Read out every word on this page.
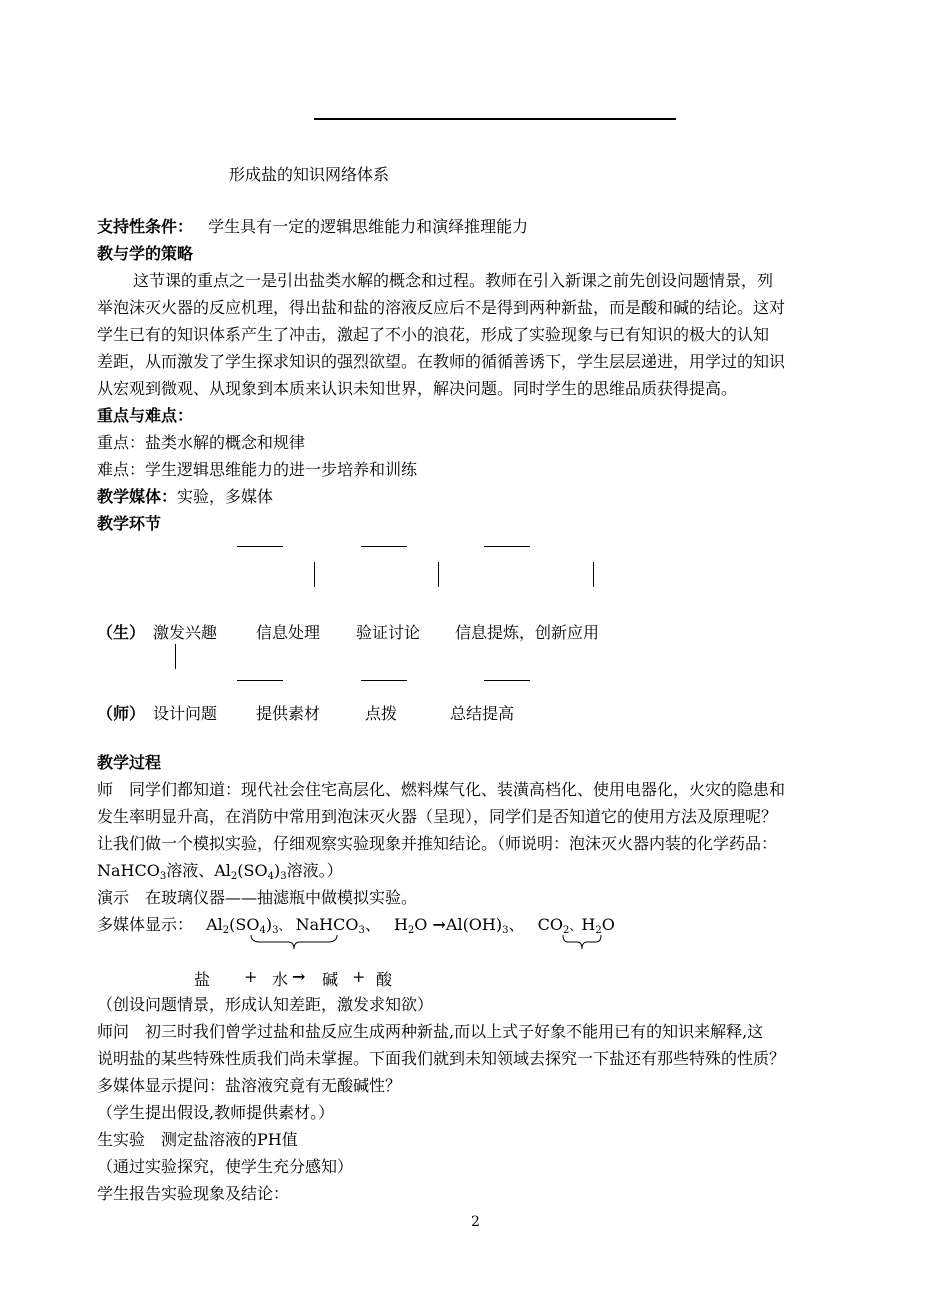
形成盐的知识网络体系
支持性条件： 学生具有一定的逻辑思维能力和演绎推理能力
教与学的策略
这节课的重点之一是引出盐类水解的概念和过程。教师在引入新课之前先创设问题情景，列
举泡沫灭火器的反应机理，得出盐和盐的溶液反应后不是得到两种新盐，而是酸和碱的结论。这对
学生已有的知识体系产生了冲击，激起了不小的浪花，形成了实验现象与已有知识的极大的认知
差距，从而激发了学生探求知识的强烈欲望。在教师的循循善诱下，学生层层递进，用学过的知识
从宏观到微观、从现象到本质来认识未知世界，解决问题。同时学生的思维品质获得提高。
重点与难点：
重点：盐类水解的概念和规律
难点：学生逻辑思维能力的进一步培养和训练
教学媒体：实验，多媒体
教学环节
（生） 激发兴趣 信息处理 验证讨论 信息提炼，创新应用
（师） 设计问题 提供素材	点拨	总结提高
教学过程
师　同学们都知道：现代社会住宅高层化、燃料煤气化、装潢高档化、使用电器化，火灾的隐患和
发生率明显升高，在消防中常用到泡沫灭火器（呈现），同学们是否知道它的使用方法及原理呢？
让我们做一个模拟实验，仔细观察实验现象并推知结论。（师说明：泡沫灭火器内装的化学药品：
NaHCO$_3$溶液、$Al_2(SO_4)_3$溶液。）
演示　在玻璃仪器——抽滤瓶中做模拟实验。
多媒体显示： $Al_2(SO_4)_3$、 NaHCO$_3$、 $H_2O \to Al(OH)_3$、 $CO_2$、$H_2O$
盐 + 水 → 碱 + 酸
（创设问题情景，形成认知差距，激发求知欲）
师问　初三时我们曾学过盐和盐反应生成两种新盐,而以上式子好象不能用已有的知识来解释,这
说明盐的某些特殊性质我们尚未掌握。下面我们就到未知领域去探究一下盐还有那些特殊的性质？
多媒体显示提问：盐溶液究竟有无酸碱性？
（学生提出假设,教师提供素材。）
生实验　测定盐溶液的PH值
（通过实验探究，使学生充分感知）
学生报告实验现象及结论：
2
